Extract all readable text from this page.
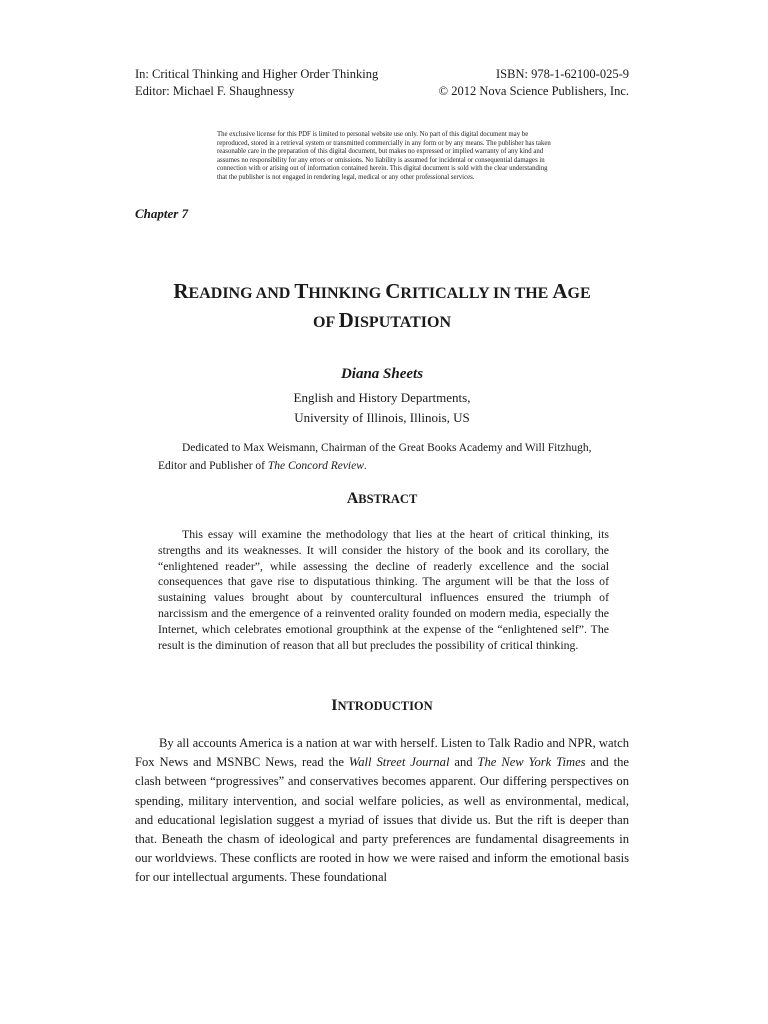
In: Critical Thinking and Higher Order Thinking
Editor: Michael F. Shaughnessy
ISBN: 978-1-62100-025-9
© 2012 Nova Science Publishers, Inc.
The exclusive license for this PDF is limited to personal website use only. No part of this digital document may be reproduced, stored in a retrieval system or transmitted commercially in any form or by any means. The publisher has taken reasonable care in the preparation of this digital document, but makes no expressed or implied warranty of any kind and assumes no responsibility for any errors or omissions. No liability is assumed for incidental or consequential damages in connection with or arising out of information contained herein. This digital document is sold with the clear understanding that the publisher is not engaged in rendering legal, medical or any other professional services.
Chapter 7
READING AND THINKING CRITICALLY IN THE AGE
OF DISPUTATION
Diana Sheets
English and History Departments,
University of Illinois, Illinois, US
Dedicated to Max Weismann, Chairman of the Great Books Academy and Will Fitzhugh, Editor and Publisher of The Concord Review.
ABSTRACT
This essay will examine the methodology that lies at the heart of critical thinking, its strengths and its weaknesses. It will consider the history of the book and its corollary, the “enlightened reader”, while assessing the decline of readerly excellence and the social consequences that gave rise to disputatious thinking. The argument will be that the loss of sustaining values brought about by countercultural influences ensured the triumph of narcissism and the emergence of a reinvented orality founded on modern media, especially the Internet, which celebrates emotional groupthink at the expense of the “enlightened self”. The result is the diminution of reason that all but precludes the possibility of critical thinking.
INTRODUCTION
By all accounts America is a nation at war with herself. Listen to Talk Radio and NPR, watch Fox News and MSNBC News, read the Wall Street Journal and The New York Times and the clash between “progressives” and conservatives becomes apparent. Our differing perspectives on spending, military intervention, and social welfare policies, as well as environmental, medical, and educational legislation suggest a myriad of issues that divide us. But the rift is deeper than that. Beneath the chasm of ideological and party preferences are fundamental disagreements in our worldviews. These conflicts are rooted in how we were raised and inform the emotional basis for our intellectual arguments. These foundational
